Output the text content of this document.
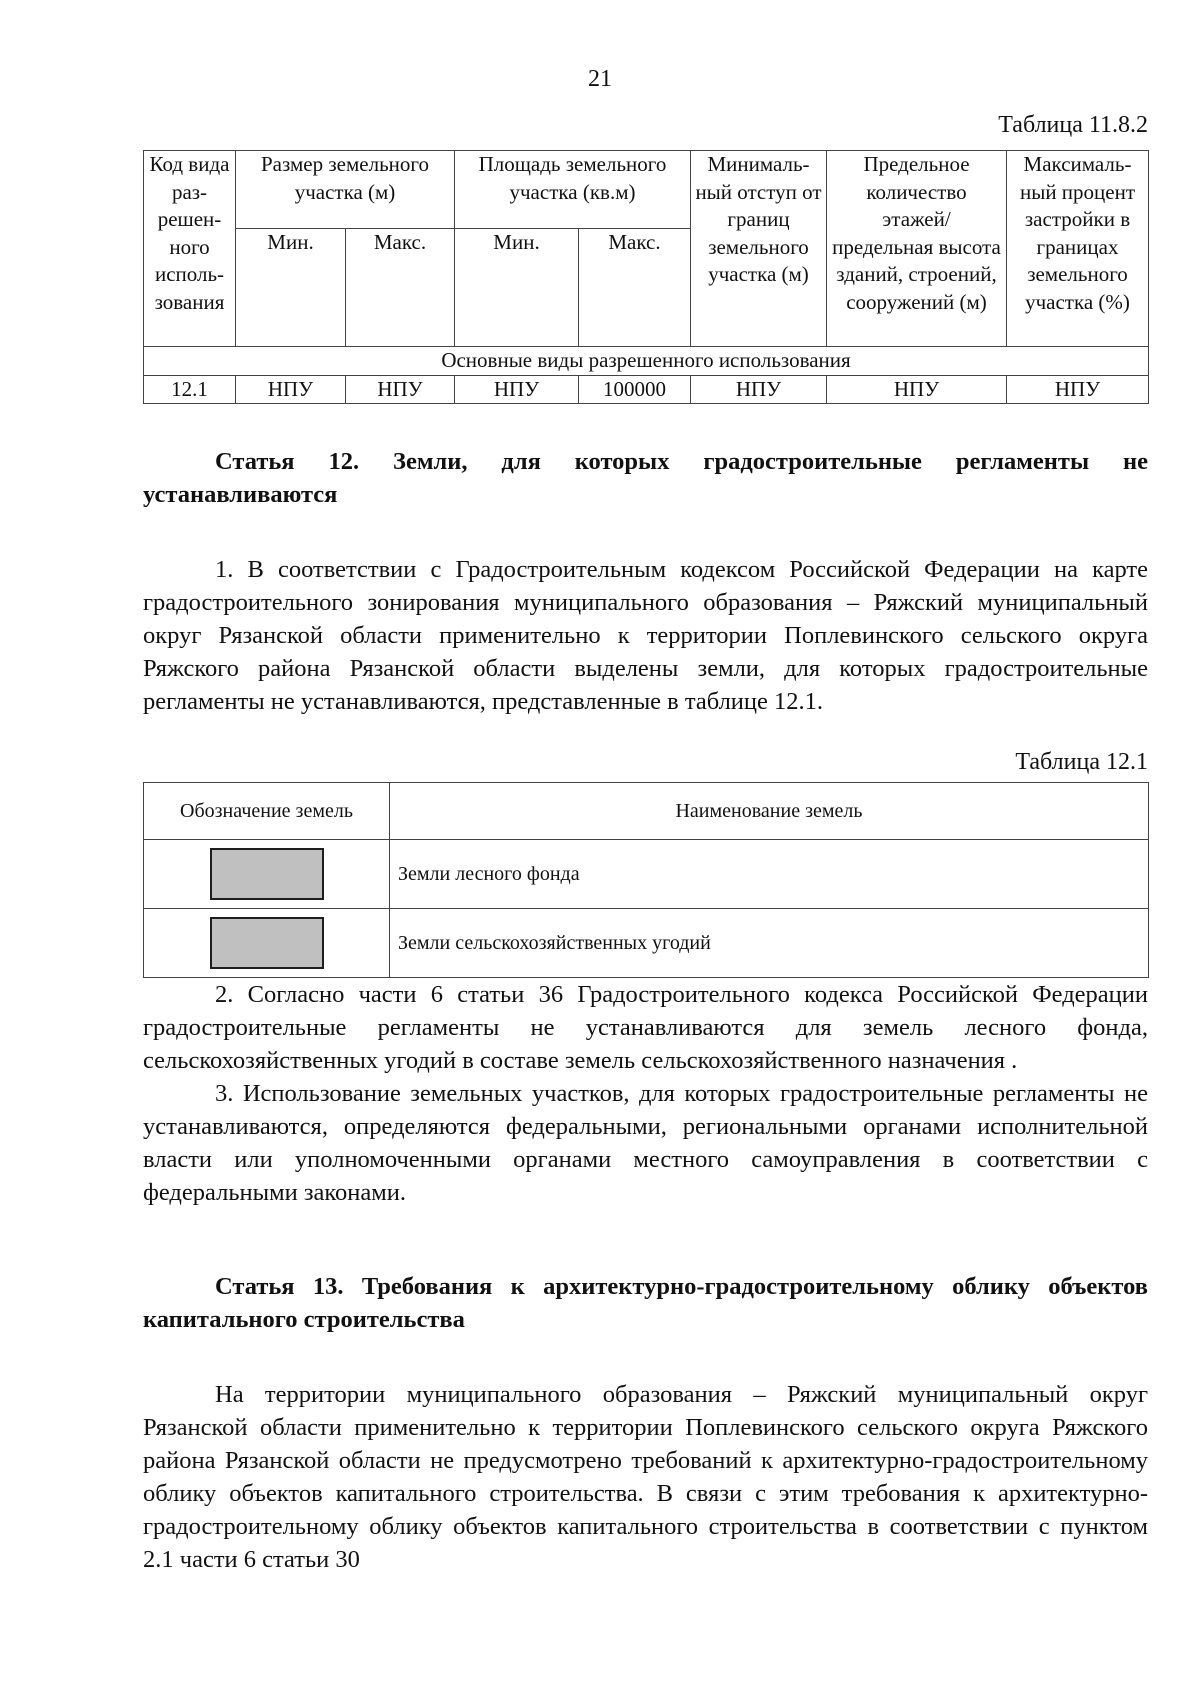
21
Таблица 11.8.2
Код вида раз- решен- ного исполь- зования	Размер земельного участка (м)		Площадь земельного участка (кв.м)		Минималь- ный отступ от границ земельного участка (м)	Предельное количество этажей/ предельная высота зданий, строений, сооружений (м)	Максималь- ный процент застройки в границах земельного участка (%)
	Мин.	Макс.	Мин.	Макс.			
Основные виды разрешенного использования							
12.1	НПУ	НПУ	НПУ	100000	НПУ	НПУ	НПУ

Статья 12. Земли, для которых градостроительные регламенты не устанавливаются

1. В соответствии с Градостроительным кодексом Российской Федерации на карте градостроительного зонирования муниципального образования – Ряжский муниципальный округ Рязанской области применительно к территории Поплевинского сельского округа Ряжского района Рязанской области выделены земли, для которых градостроительные регламенты не устанавливаются, представленные в таблице 12.1.

Таблица 12.1
Обозначение земель	Наименование земель
	Земли лесного фонда
	Земли сельскохозяйственных угодий

2. Согласно части 6 статьи 36 Градостроительного кодекса Российской Федерации градостроительные регламенты не устанавливаются для земель лесного фонда, сельскохозяйственных угодий в составе земель сельскохозяйственного назначения .

3. Использование земельных участков, для которых градостроительные регламенты не устанавливаются, определяются федеральными, региональными органами исполнительной власти или уполномоченными органами местного самоуправления в соответствии с федеральными законами.

Статья 13. Требования к архитектурно-градостроительному облику объектов капитального строительства

На территории муниципального образования – Ряжский муниципальный округ Рязанской области применительно к территории Поплевинского сельского округа Ряжского района Рязанской области не предусмотрено требований к архитектурно-градостроительному облику объектов капитального строительства. В связи с этим требования к архитектурно-градостроительному облику объектов капитального строительства в соответствии с пунктом 2.1 части 6 статьи 30
